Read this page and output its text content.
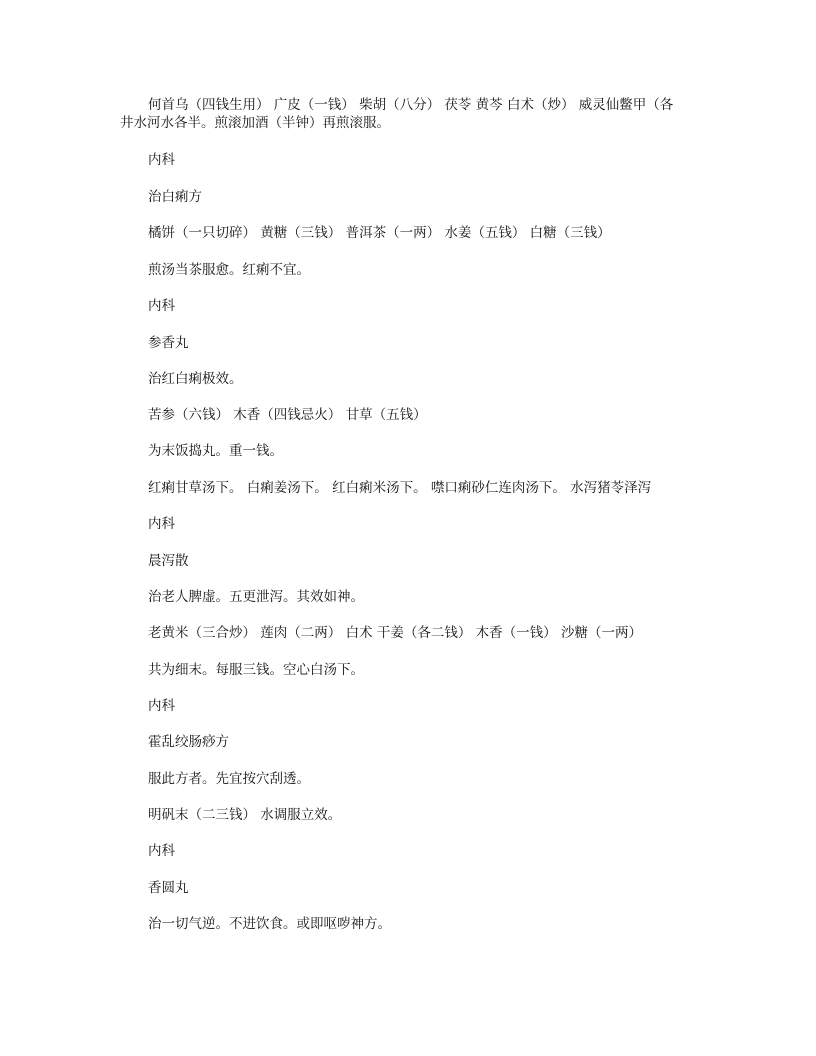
何首乌（四钱生用） 广皮（一钱） 柴胡（八分） 茯苓 黄芩 白术（炒） 威灵仙鳖甲（各
井水河水各半。煎滚加酒（半钟）再煎滚服。

内科

治白痢方

橘饼（一只切碎） 黄糖（三钱） 普洱茶（一两） 水姜（五钱） 白糖（三钱）

煎汤当茶服愈。红痢不宜。

内科

参香丸

治红白痢极效。

苦参（六钱） 木香（四钱忌火） 甘草（五钱）

为末饭捣丸。重一钱。

红痢甘草汤下。 白痢姜汤下。 红白痢米汤下。 噤口痢砂仁连肉汤下。 水泻猪苓泽泻

内科

晨泻散

治老人脾虚。五更泄泻。其效如神。

老黄米（三合炒） 莲肉（二两） 白术 干姜（各二钱） 木香（一钱） 沙糖（一两）

共为细末。每服三钱。空心白汤下。

内科

霍乱绞肠痧方

服此方者。先宜按穴刮透。

明矾末（二三钱） 水调服立效。

内科

香圆丸

治一切气逆。不进饮食。或即呕哕神方。
